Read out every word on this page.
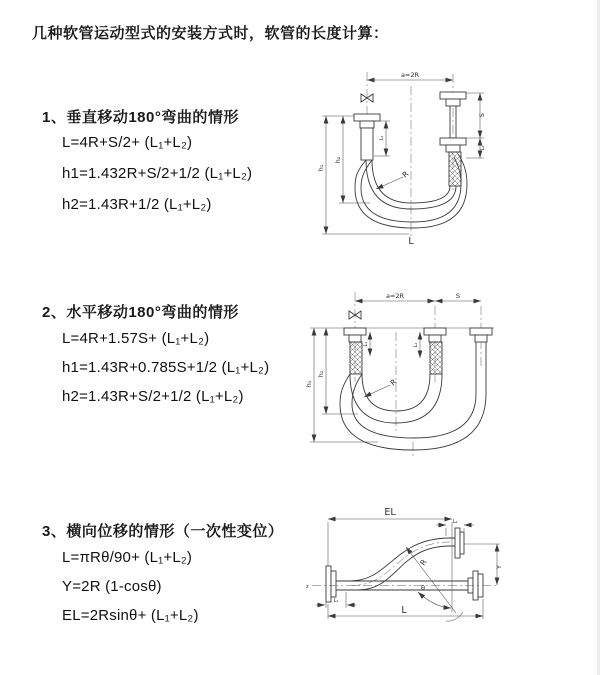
几种软管运动型式的安装方式时，软管的长度计算：
1、垂直移动180°弯曲的情形
L=4R+S/2+ (L₁+L₂)
h1=1.432R+S/2+1/2 (L₁+L₂)
h2=1.43R+1/2 (L₁+L₂)
2、水平移动180°弯曲的情形
L=4R+1.57S+ (L₁+L₂)
h1=1.43R+0.785S+1/2 (L₁+L₂)
h2=1.43R+S/2+1/2 (L₁+L₂)
3、横向位移的情形（一次性变位）
L=πRθ/90+ (L₁+L₂)
Y=2R (1-cosθ)
EL=2Rsinθ+ (L₁+L₂)
a=2R
h₁
h₂
L₁
S
L₂
R
L
a=2R	S
h₁
h₂
L₁	L₂
R
z
EL
L₂
Y
L
L₁
R
θ
